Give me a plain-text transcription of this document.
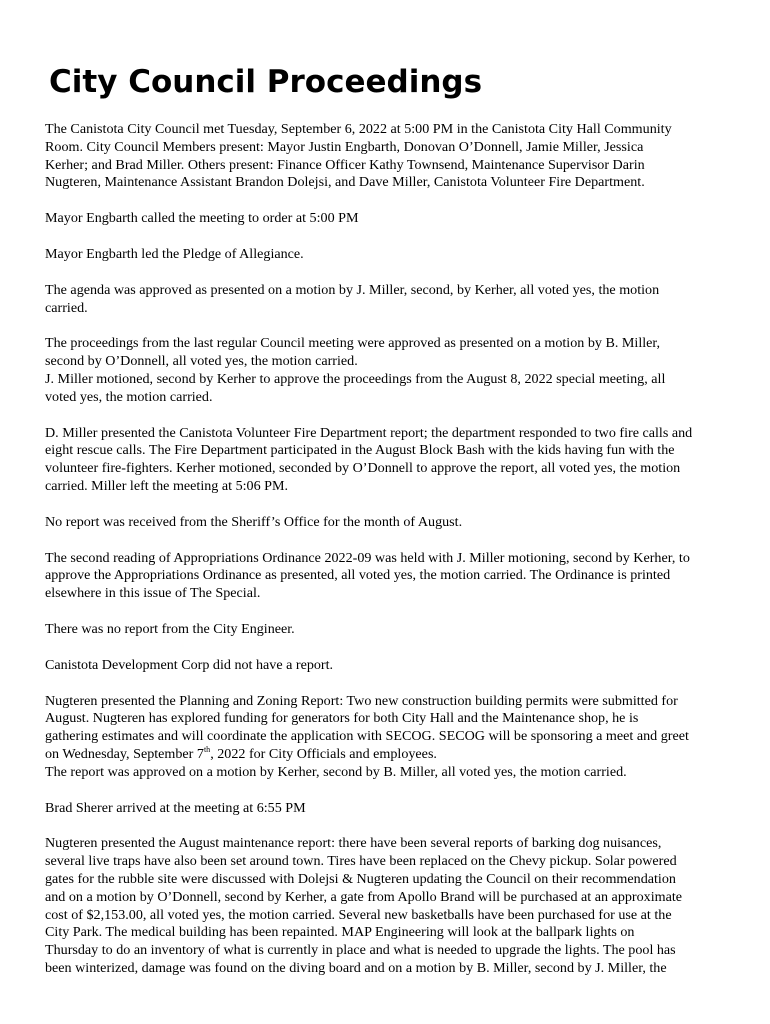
City Council Proceedings

The Canistota City Council met Tuesday, September 6, 2022 at 5:00 PM in the Canistota City Hall Community
Room. City Council Members present: Mayor Justin Engbarth, Donovan O’Donnell, Jamie Miller, Jessica
Kerher; and Brad Miller. Others present: Finance Officer Kathy Townsend, Maintenance Supervisor Darin
Nugteren, Maintenance Assistant Brandon Dolejsi, and Dave Miller, Canistota Volunteer Fire Department.

Mayor Engbarth called the meeting to order at 5:00 PM

Mayor Engbarth led the Pledge of Allegiance.

The agenda was approved as presented on a motion by J. Miller, second, by Kerher, all voted yes, the motion
carried.

The proceedings from the last regular Council meeting were approved as presented on a motion by B. Miller,
second by O’Donnell, all voted yes, the motion carried.
J. Miller motioned, second by Kerher to approve the proceedings from the August 8, 2022 special meeting, all
voted yes, the motion carried.

D. Miller presented the Canistota Volunteer Fire Department report; the department responded to two fire calls and
eight rescue calls. The Fire Department participated in the August Block Bash with the kids having fun with the
volunteer fire-fighters. Kerher motioned, seconded by O’Donnell to approve the report, all voted yes, the motion
carried. Miller left the meeting at 5:06 PM.

No report was received from the Sheriff’s Office for the month of August.

The second reading of Appropriations Ordinance 2022-09 was held with J. Miller motioning, second by Kerher, to
approve the Appropriations Ordinance as presented, all voted yes, the motion carried. The Ordinance is printed
elsewhere in this issue of The Special.

There was no report from the City Engineer.

Canistota Development Corp did not have a report.

Nugteren presented the Planning and Zoning Report: Two new construction building permits were submitted for
August. Nugteren has explored funding for generators for both City Hall and the Maintenance shop, he is
gathering estimates and will coordinate the application with SECOG. SECOG will be sponsoring a meet and greet
on Wednesday, September 7th, 2022 for City Officials and employees.
The report was approved on a motion by Kerher, second by B. Miller, all voted yes, the motion carried.

Brad Sherer arrived at the meeting at 6:55 PM

Nugteren presented the August maintenance report: there have been several reports of barking dog nuisances,
several live traps have also been set around town. Tires have been replaced on the Chevy pickup. Solar powered
gates for the rubble site were discussed with Dolejsi & Nugteren updating the Council on their recommendation
and on a motion by O’Donnell, second by Kerher, a gate from Apollo Brand will be purchased at an approximate
cost of $2,153.00, all voted yes, the motion carried. Several new basketballs have been purchased for use at the
City Park. The medical building has been repainted. MAP Engineering will look at the ballpark lights on
Thursday to do an inventory of what is currently in place and what is needed to upgrade the lights. The pool has
been winterized, damage was found on the diving board and on a motion by B. Miller, second by J. Miller, the
